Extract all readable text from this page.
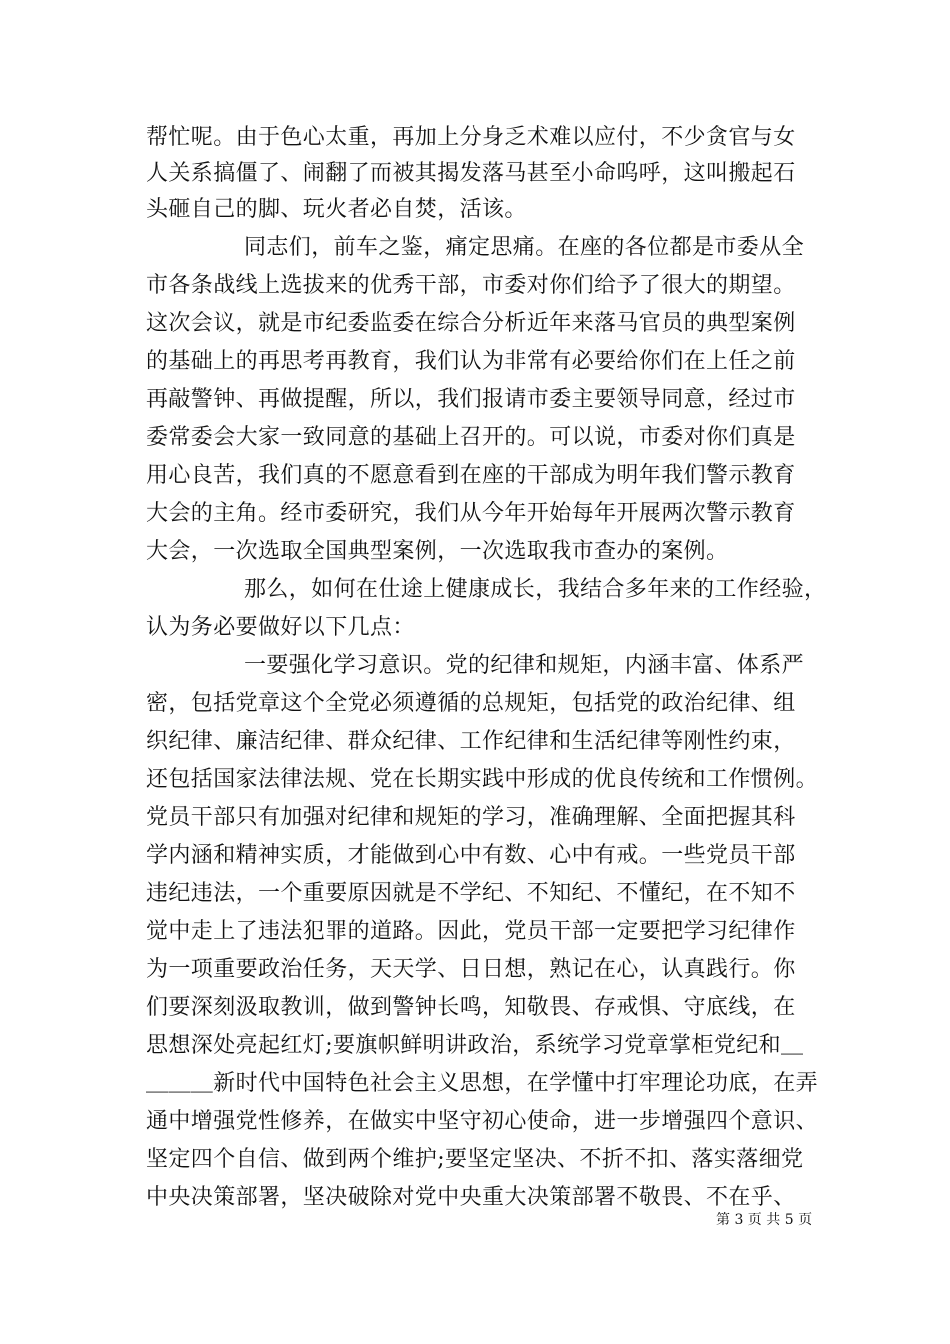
帮忙呢。由于色心太重，再加上分身乏术难以应付，不少贪官与女
人关系搞僵了、闹翻了而被其揭发落马甚至小命呜呼，这叫搬起石
头砸自己的脚、玩火者必自焚，活该。
同志们，前车之鉴，痛定思痛。在座的各位都是市委从全
市各条战线上选拔来的优秀干部，市委对你们给予了很大的期望。
这次会议，就是市纪委监委在综合分析近年来落马官员的典型案例
的基础上的再思考再教育，我们认为非常有必要给你们在上任之前
再敲警钟、再做提醒，所以，我们报请市委主要领导同意，经过市
委常委会大家一致同意的基础上召开的。可以说，市委对你们真是
用心良苦，我们真的不愿意看到在座的干部成为明年我们警示教育
大会的主角。经市委研究，我们从今年开始每年开展两次警示教育
大会，一次选取全国典型案例，一次选取我市查办的案例。
那么，如何在仕途上健康成长，我结合多年来的工作经验，
认为务必要做好以下几点：
一要强化学习意识。党的纪律和规矩，内涵丰富、体系严
密，包括党章这个全党必须遵循的总规矩，包括党的政治纪律、组
织纪律、廉洁纪律、群众纪律、工作纪律和生活纪律等刚性约束，
还包括国家法律法规、党在长期实践中形成的优良传统和工作惯例。
党员干部只有加强对纪律和规矩的学习，准确理解、全面把握其科
学内涵和精神实质，才能做到心中有数、心中有戒。一些党员干部
违纪违法，一个重要原因就是不学纪、不知纪、不懂纪，在不知不
觉中走上了违法犯罪的道路。因此，党员干部一定要把学习纪律作
为一项重要政治任务，天天学、日日想，熟记在心，认真践行。你
们要深刻汲取教训，做到警钟长鸣，知敬畏、存戒惧、守底线，在
思想深处亮起红灯;要旗帜鲜明讲政治，系统学习党章掌柜党纪和＿
＿＿＿新时代中国特色社会主义思想，在学懂中打牢理论功底，在弄
通中增强党性修养，在做实中坚守初心使命，进一步增强四个意识、
坚定四个自信、做到两个维护;要坚定坚决、不折不扣、落实落细党
中央决策部署，坚决破除对党中央重大决策部署不敬畏、不在乎、
第 3 页 共 5 页
